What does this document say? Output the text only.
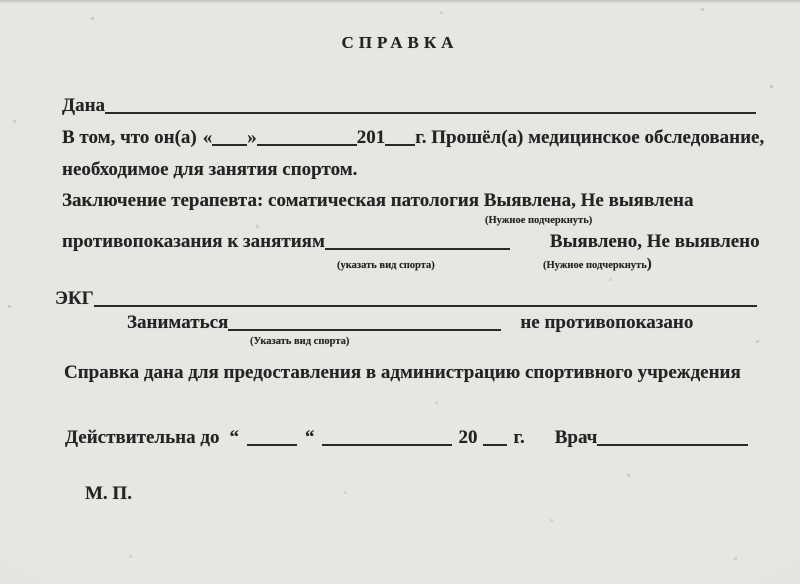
СПРАВКА
Дана
В том, что он(а) « »	201 г. Прошёл(а) медицинское обследование,
необходимое для занятия спортом.
Заключение терапевта: соматическая патология Выявлена, Не выявлена
(Нужное подчеркнуть)
противопоказания к занятиям	Выявлено, Не выявлено
(указать вид спорта)	(Нужное подчеркнуть)
ЭКГ
Заниматься	не противопоказано
(Указать вид спорта)
Справка дана для предоставления в администрацию спортивного учреждения
Действительна до “	“	20 г. Врач
М. П.
